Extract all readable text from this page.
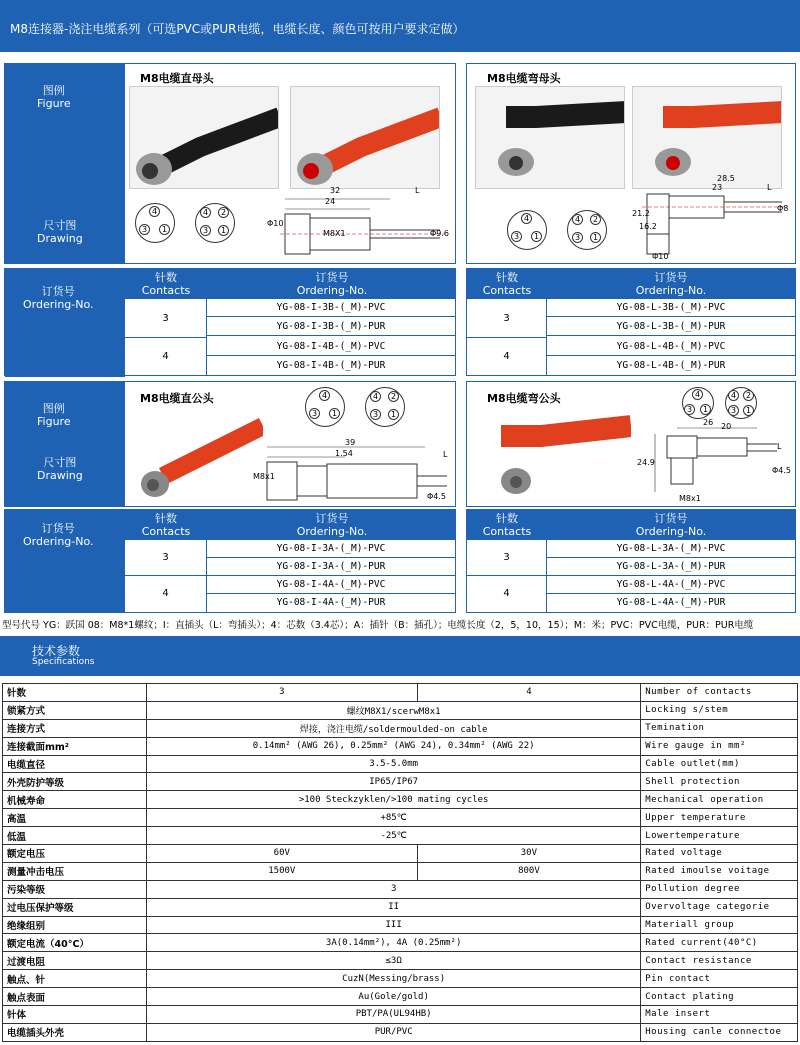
M8连接器-浇注电缆系列（可选PVC或PUR电缆，电缆长度、颜色可按用户要求定做）
图例
Figure
尺寸图
Drawing
M8电缆直母头
4
3	1
4	2
3	1
32
24
L
Φ10
M8X1	Φ9.6
M8电缆弯母头
4
3	1
4	2
3	1
28.5
23	L
21.2
16.2
Φ8
Φ10
订货号
Ordering-No.
针数
Contacts
订货号
Ordering-No.
3
YG-08-I-3B-(_M)-PVC
YG-08-I-3B-(_M)-PUR
4
YG-08-I-4B-(_M)-PVC
YG-08-I-4B-(_M)-PUR
针数
Contacts
订货号
Ordering-No.
3
YG-08-L-3B-(_M)-PVC
YG-08-L-3B-(_M)-PUR
4
YG-08-L-4B-(_M)-PVC
YG-08-L-4B-(_M)-PUR
图例
Figure
尺寸图
Drawing
M8电缆直公头	4
3	1
4	2
3	1
39
1.54
M8x1
Φ4.5
L
M8电缆弯公头	4
3	1
4	2
3	1
20
26
24.9
Φ4.5
M8x1
L
订货号
Ordering-No.
针数
Contacts
订货号
Ordering-No.
3
YG-08-I-3A-(_M)-PVC
YG-08-I-3A-(_M)-PUR
4
YG-08-I-4A-(_M)-PVC
YG-08-I-4A-(_M)-PUR
针数
Contacts
订货号
Ordering-No.
3
YG-08-L-3A-(_M)-PVC
YG-08-L-3A-(_M)-PUR
4
YG-08-L-4A-(_M)-PVC
YG-08-L-4A-(_M)-PUR
型号代号 YG：跃国 08：M8*1螺纹；I：直插头（L：弯插头）；4：芯数（3.4芯）；A：插针（B：插孔）；电缆长度（2，5，10，15）；M：米；PVC：PVC电缆，PUR：PUR电缆
技术参数
Specifications
针数	3	4	Number of contacts
锁紧方式	螺纹M8X1/scerwM8x1		Locking s/stem
连接方式	焊接，浇注电缆/soldermoulded-on cable		Temination
连接截面mm²	0.14mm² (AWG 26), 0.25mm² (AWG 24), 0.34mm² (AWG 22)		Wire gauge in mm²
电缆直径	3.5-5.0mm		Cable outlet(mm)
外壳防护等级	IP65/IP67		Shell protection
机械寿命	>100 Steckzyklen/>100 mating cycles		Mechanical operation
高温	+85℃		Upper temperature
低温	-25℃		Lowertemperature
额定电压	60V	30V	Rated voltage
测量冲击电压	1500V	800V	Rated imoulse voitage
污染等级	3		Pollution degree
过电压保护等级	II		Overvoltage categorie
绝缘组别	III		Materiall group
额定电流（40°C）	3A(0.14mm²), 4A (0.25mm²)		Rated current(40°C)
过渡电阻	≤3Ω		Contact resistance
触点、针	CuzN(Messing/brass)		Pin contact
触点表面	Au(Gole/gold)		Contact plating
针体	PBT/PA(UL94HB)		Male insert
电缆插头外壳	PUR/PVC		Housing canle connectoe
